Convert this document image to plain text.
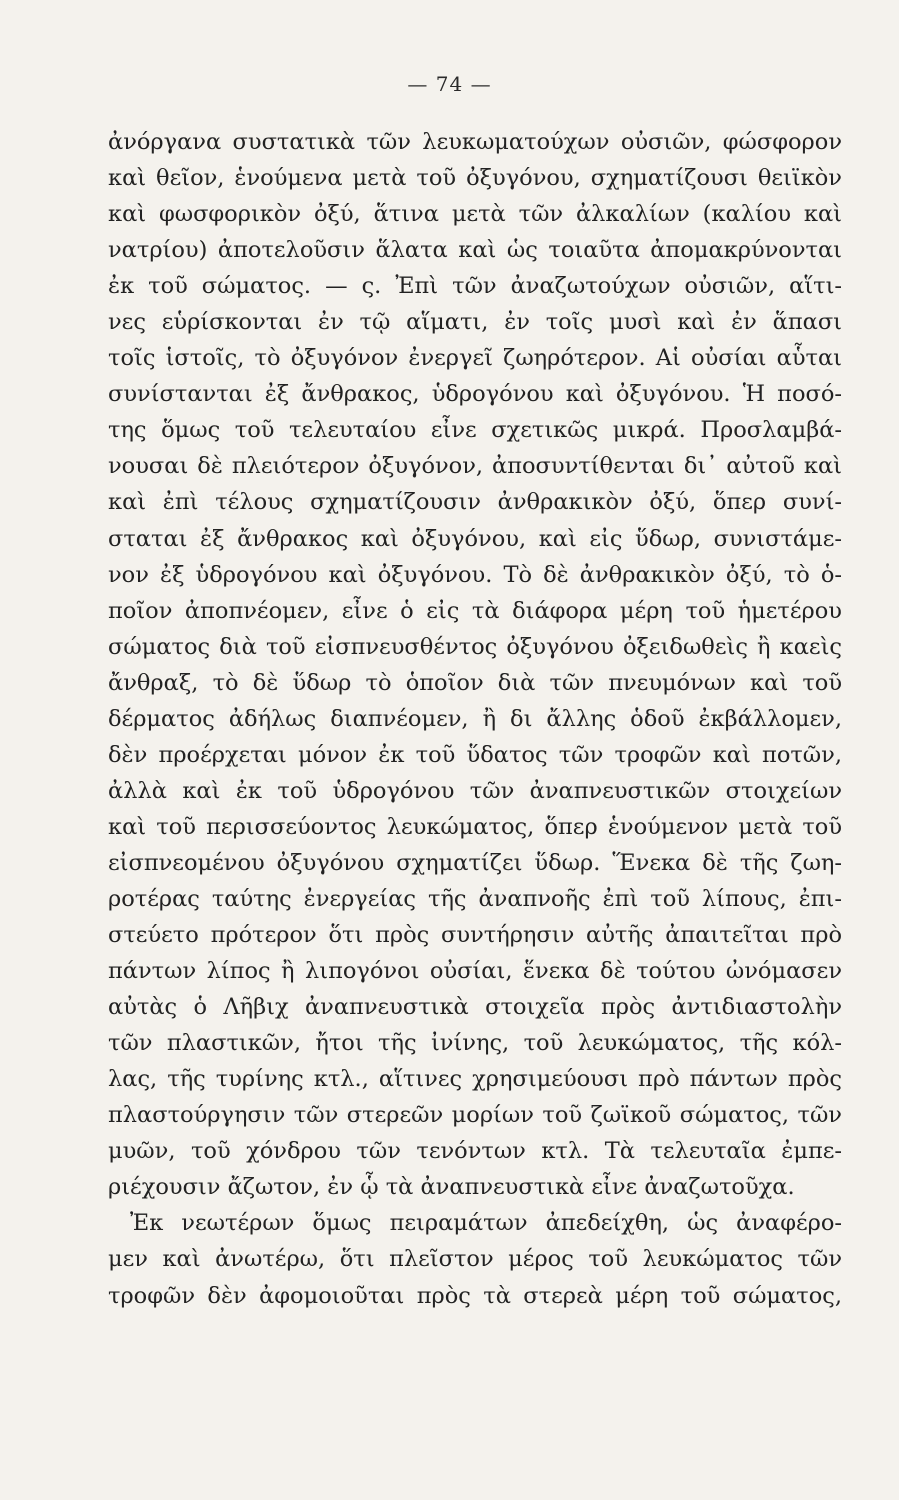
— 74 —
ἀνόργανα συστατικὰ τῶν λευκωματούχων οὐσιῶν, φώσφορον
καὶ θεῖον, ἑνούμενα μετὰ τοῦ ὀξυγόνου, σχηματίζουσι θειϊκὸν
καὶ φωσφορικὸν ὀξύ, ἅτινα μετὰ τῶν ἀλκαλίων (καλίου καὶ
νατρίου) ἀποτελοῦσιν ἅλατα καὶ ὡς τοιαῦτα ἀπομακρύνονται
ἐκ τοῦ σώματος. — ς. Ἐπὶ τῶν ἀναζωτούχων οὐσιῶν, αἵτι-
νες εὑρίσκονται ἐν τῷ αἵματι, ἐν τοῖς μυσὶ καὶ ἐν ἅπασι
τοῖς ἱστοῖς, τὸ ὀξυγόνον ἐνεργεῖ ζωηρότερον. Αἱ οὐσίαι αὗται
συνίστανται ἐξ ἄνθρακος, ὑδρογόνου καὶ ὀξυγόνου. Ἡ ποσό-
της ὅμως τοῦ τελευταίου εἶνε σχετικῶς μικρά. Προσλαμβά-
νουσαι δὲ πλειότερον ὀξυγόνον, ἀποσυντίθενται δι᾽ αὐτοῦ καὶ
καὶ ἐπὶ τέλους σχηματίζουσιν ἀνθρακικὸν ὀξύ, ὅπερ συνί-
σταται ἐξ ἄνθρακος καὶ ὀξυγόνου, καὶ εἰς ὕδωρ, συνιστάμε-
νον ἐξ ὑδρογόνου καὶ ὀξυγόνου. Τὸ δὲ ἀνθρακικὸν ὀξύ, τὸ ὁ-
ποῖον ἀποπνέομεν, εἶνε ὁ εἰς τὰ διάφορα μέρη τοῦ ἡμετέρου
σώματος διὰ τοῦ εἰσπνευσθέντος ὀξυγόνου ὀξειδωθεὶς ἢ καεὶς
ἄνθραξ, τὸ δὲ ὕδωρ τὸ ὁποῖον διὰ τῶν πνευμόνων καὶ τοῦ
δέρματος ἀδήλως διαπνέομεν, ἢ δι ἄλλης ὁδοῦ ἐκβάλλομεν,
δὲν προέρχεται μόνον ἐκ τοῦ ὕδατος τῶν τροφῶν καὶ ποτῶν,
ἀλλὰ καὶ ἐκ τοῦ ὑδρογόνου τῶν ἀναπνευστικῶν στοιχείων
καὶ τοῦ περισσεύοντος λευκώματος, ὅπερ ἑνούμενον μετὰ τοῦ
εἰσπνεομένου ὀξυγόνου σχηματίζει ὕδωρ. Ἕνεκα δὲ τῆς ζωη-
ροτέρας ταύτης ἐνεργείας τῆς ἀναπνοῆς ἐπὶ τοῦ λίπους, ἐπι-
στεύετο πρότερον ὅτι πρὸς συντήρησιν αὐτῆς ἀπαιτεῖται πρὸ
πάντων λίπος ἢ λιπογόνοι οὐσίαι, ἕνεκα δὲ τούτου ὠνόμασεν
αὐτὰς ὁ Λῆβιχ ἀναπνευστικὰ στοιχεῖα πρὸς ἀντιδιαστολὴν
τῶν πλαστικῶν, ἤτοι τῆς ἰνίνης, τοῦ λευκώματος, τῆς κόλ-
λας, τῆς τυρίνης κτλ., αἵτινες χρησιμεύουσι πρὸ πάντων πρὸς
πλαστούργησιν τῶν στερεῶν μορίων τοῦ ζωϊκοῦ σώματος, τῶν
μυῶν, τοῦ χόνδρου τῶν τενόντων κτλ. Τὰ τελευταῖα ἐμπε-
ριέχουσιν ἄζωτον, ἐν ᾧ τὰ ἀναπνευστικὰ εἶνε ἀναζωτοῦχα.
Ἐκ νεωτέρων ὅμως πειραμάτων ἀπεδείχθη, ὡς ἀναφέρο-
μεν καὶ ἀνωτέρω, ὅτι πλεῖστον μέρος τοῦ λευκώματος τῶν
τροφῶν δὲν ἀφομοιοῦται πρὸς τὰ στερεὰ μέρη τοῦ σώματος,
